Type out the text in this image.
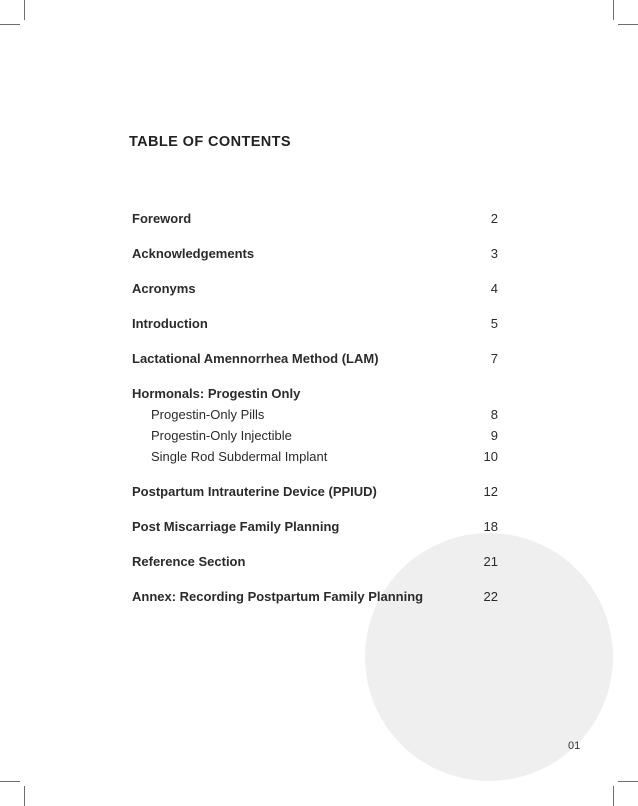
TABLE OF CONTENTS
Foreword	2
Acknowledgements	3
Acronyms	4
Introduction	5
Lactational Amennorrhea Method (LAM)	7
Hormonals: Progestin Only
Progestin-Only Pills	8
Progestin-Only Injectible	9
Single Rod Subdermal Implant	10
Postpartum Intrauterine Device (PPIUD)	12
Post Miscarriage Family Planning	18
Reference Section	21
Annex: Recording Postpartum Family Planning	22
01
